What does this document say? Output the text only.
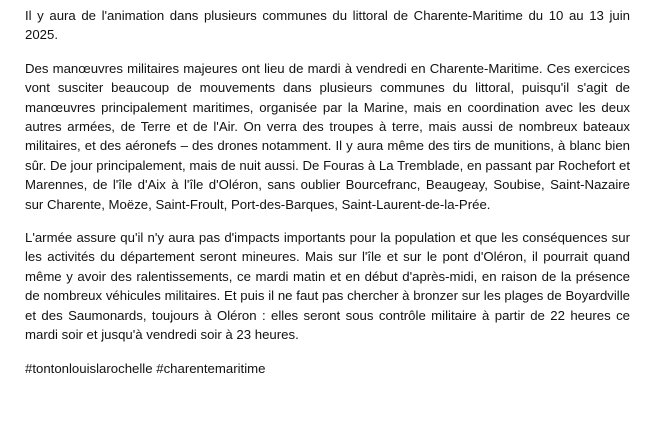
Il y aura de l'animation dans plusieurs communes du littoral de Charente-Maritime du 10 au 13 juin 2025.

Des manœuvres militaires majeures ont lieu de mardi à vendredi en Charente-Maritime. Ces exercices vont susciter beaucoup de mouvements dans plusieurs communes du littoral, puisqu'il s'agit de manœuvres principalement maritimes, organisée par la Marine, mais en coordination avec les deux autres armées, de Terre et de l'Air. On verra des troupes à terre, mais aussi de nombreux bateaux militaires, et des aéronefs – des drones notamment. Il y aura même des tirs de munitions, à blanc bien sûr. De jour principalement, mais de nuit aussi. De Fouras à La Tremblade, en passant par Rochefort et Marennes, de l'île d'Aix à l'île d'Oléron, sans oublier Bourcefranc, Beaugeay, Soubise, Saint-Nazaire sur Charente, Moëze, Saint-Froult, Port-des-Barques, Saint-Laurent-de-la-Prée.

L'armée assure qu'il n'y aura pas d'impacts importants pour la population et que les conséquences sur les activités du département seront mineures. Mais sur l'île et sur le pont d'Oléron, il pourrait quand même y avoir des ralentissements, ce mardi matin et en début d'après-midi, en raison de la présence de nombreux véhicules militaires. Et puis il ne faut pas chercher à bronzer sur les plages de Boyardville et des Saumonards, toujours à Oléron : elles seront sous contrôle militaire à partir de 22 heures ce mardi soir et jusqu'à vendredi soir à 23 heures.

#tontonlouislarochelle #charentemaritime
